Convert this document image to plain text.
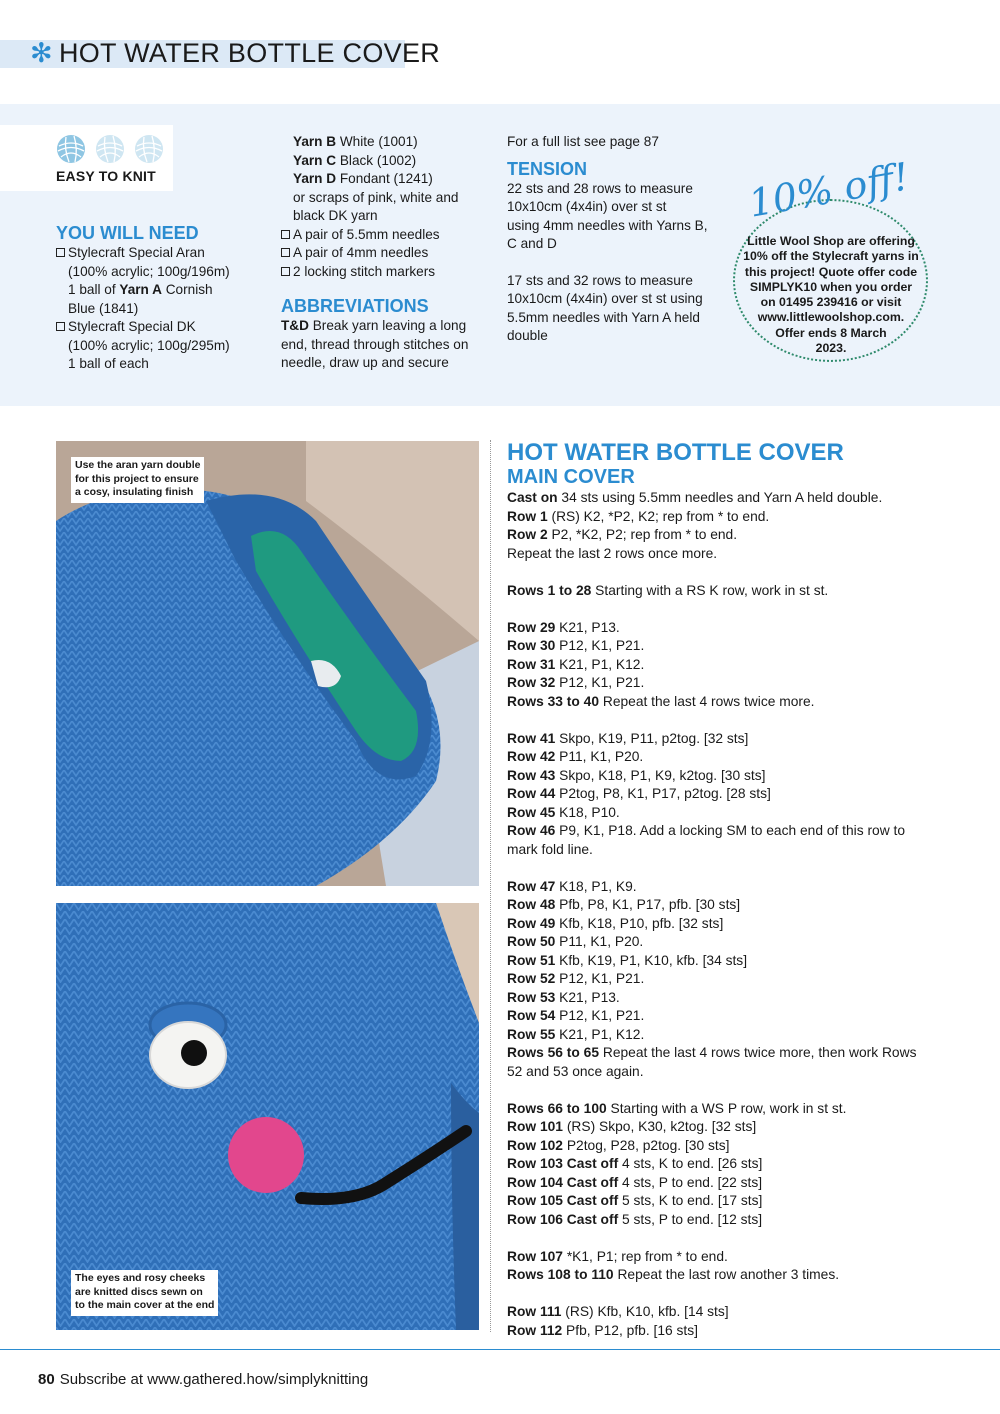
✻ HOT WATER BOTTLE COVER
EASY TO KNIT
YOU WILL NEED

Stylecraft Special Aran

(100% acrylic; 100g/196m)

1 ball of Yarn A Cornish

Blue (1841)

Stylecraft Special DK

(100% acrylic; 100g/295m)

1 ball of each

Yarn B White (1001)

Yarn C Black (1002)

Yarn D Fondant (1241)

or scraps of pink, white and

black DK yarn

A pair of 5.5mm needles

A pair of 4mm needles

2 locking stitch markers

ABBREVIATIONS

T&D Break yarn leaving a long

end, thread through stitches on

needle, draw up and secure

For a full list see page 87

TENSION

22 sts and 28 rows to measure

10x10cm (4x4in) over st st

using 4mm needles with Yarns B,

C and D

17 sts and 32 rows to measure

10x10cm (4x4in) over st st using

5.5mm needles with Yarn A held

double

10% off!
Little Wool Shop are offering
10% off the Stylecraft yarns in
this project! Quote offer code
SIMPLYK10 when you order
on 01495 239416 or visit
www.littlewoolshop.com.
Offer ends 8 March
2023.
Use the aran yarn double
for this project to ensure
a cosy, insulating finish
The eyes and rosy cheeks
are knitted discs sewn on
to the main cover at the end
HOT WATER BOTTLE COVER
MAIN COVER
Cast on 34 sts using 5.5mm needles and Yarn A held double.
Row 1 (RS) K2, *P2, K2; rep from * to end.
Row 2 P2, *K2, P2; rep from * to end.
Repeat the last 2 rows once more.
Rows 1 to 28 Starting with a RS K row, work in st st.
Row 29 K21, P13.
Row 30 P12, K1, P21.
Row 31 K21, P1, K12.
Row 32 P12, K1, P21.
Rows 33 to 40 Repeat the last 4 rows twice more.
Row 41 Skpo, K19, P11, p2tog. [32 sts]
Row 42 P11, K1, P20.
Row 43 Skpo, K18, P1, K9, k2tog. [30 sts]
Row 44 P2tog, P8, K1, P17, p2tog. [28 sts]
Row 45 K18, P10.
Row 46 P9, K1, P18. Add a locking SM to each end of this row to
mark fold line.
Row 47 K18, P1, K9.
Row 48 Pfb, P8, K1, P17, pfb. [30 sts]
Row 49 Kfb, K18, P10, pfb. [32 sts]
Row 50 P11, K1, P20.
Row 51 Kfb, K19, P1, K10, kfb. [34 sts]
Row 52 P12, K1, P21.
Row 53 K21, P13.
Row 54 P12, K1, P21.
Row 55 K21, P1, K12.
Rows 56 to 65 Repeat the last 4 rows twice more, then work Rows
52 and 53 once again.
Rows 66 to 100 Starting with a WS P row, work in st st.
Row 101 (RS) Skpo, K30, k2tog. [32 sts]
Row 102 P2tog, P28, p2tog. [30 sts]
Row 103 Cast off 4 sts, K to end. [26 sts]
Row 104 Cast off 4 sts, P to end. [22 sts]
Row 105 Cast off 5 sts, K to end. [17 sts]
Row 106 Cast off 5 sts, P to end. [12 sts]
Row 107 *K1, P1; rep from * to end.
Rows 108 to 110 Repeat the last row another 3 times.
Row 111 (RS) Kfb, K10, kfb. [14 sts]
Row 112 Pfb, P12, pfb. [16 sts]
80 Subscribe at www.gathered.how/simplyknitting
